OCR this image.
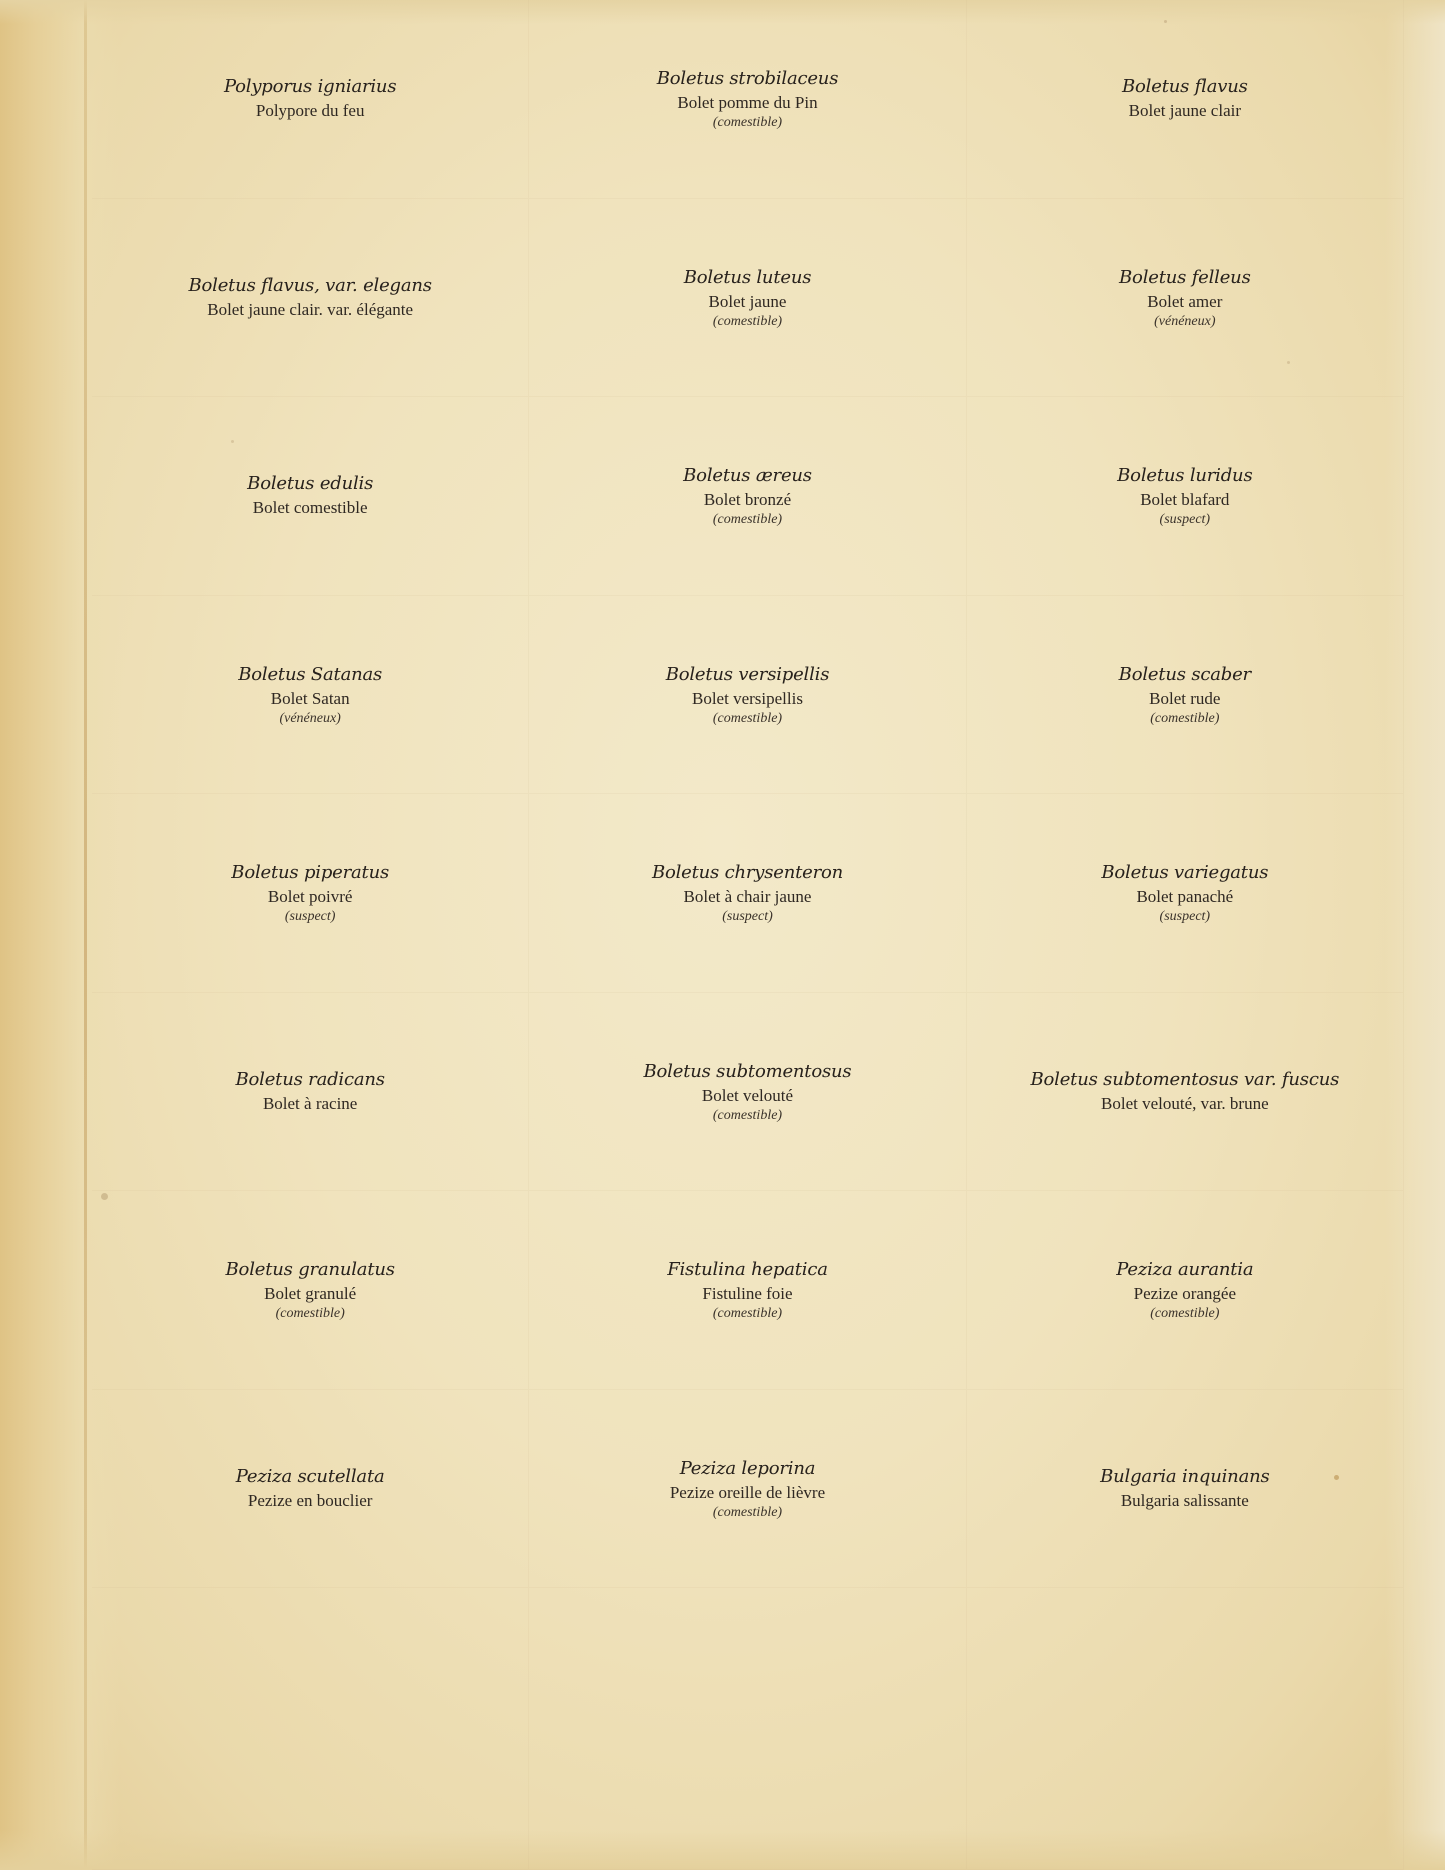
Polyporus igniarius
Polypore du feu
Boletus strobilaceus
Bolet pomme du Pin
(comestible)
Boletus flavus
Bolet jaune clair
Boletus flavus, var. elegans
Bolet jaune clair. var. élégante
Boletus luteus
Bolet jaune
(comestible)
Boletus felleus
Bolet amer
(vénéneux)
Boletus edulis
Bolet comestible
Boletus æreus
Bolet bronzé
(comestible)
Boletus luridus
Bolet blafard
(suspect)
Boletus Satanas
Bolet Satan
(vénéneux)
Boletus versipellis
Bolet versipellis
(comestible)
Boletus scaber
Bolet rude
(comestible)
Boletus piperatus
Bolet poivré
(suspect)
Boletus chrysenteron
Bolet à chair jaune
(suspect)
Boletus variegatus
Bolet panaché
(suspect)
Boletus radicans
Bolet à racine
Boletus subtomentosus
Bolet velouté
(comestible)
Boletus subtomentosus var. fuscus
Bolet velouté, var. brune
Boletus granulatus
Bolet granulé
(comestible)
Fistulina hepatica
Fistuline foie
(comestible)
Peziza aurantia
Pezize orangée
(comestible)
Peziza scutellata
Pezize en bouclier
Peziza leporina
Pezize oreille de lièvre
(comestible)
Bulgaria inquinans
Bulgaria salissante
